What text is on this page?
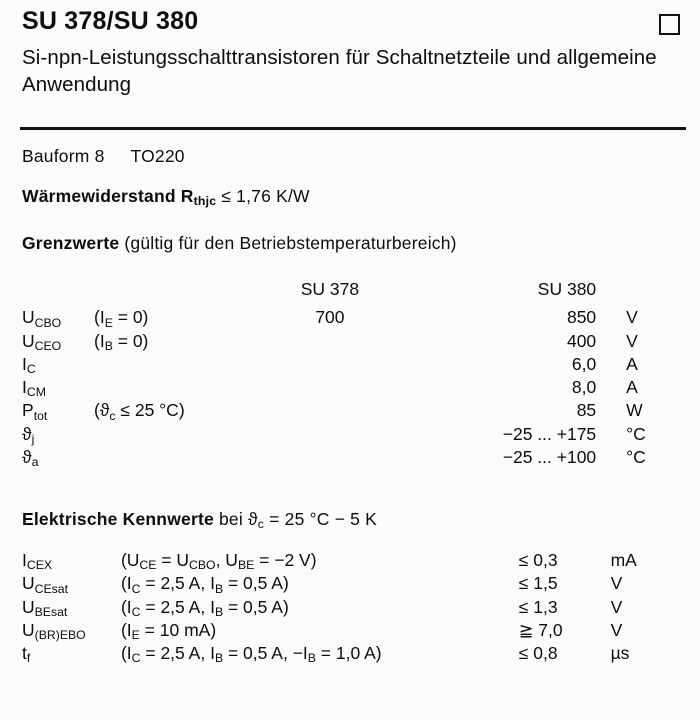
SU 378/SU 380
Si-npn-Leistungsschalttransistoren für Schaltnetzteile und allgemeine Anwendung
Bauform 8 TO220
Wärmewiderstand $R_{thjc} \le 1,76$ K/W
Grenzwerte (gültig für den Betriebstemperaturbereich)
		SU 378	SU 380	
$U_{CBO}$	$(I_E = 0)$	700	850	V
$U_{CEO}$	$(I_B = 0)$		400	V
$I_C$			6,0	A
$I_{CM}$			8,0	A
$P_{tot}$	($ϑ_c \le 25$ °C)		85	W
$ϑ_j$			−25 ... +175	°C
$ϑ_a$			−25 ... +100	°C
Elektrische Kennwerte bei $ϑ_c = 25$ °C − 5 K
$I_{CEX}$	($U_{CE} = U_{CBO}$, $U_{BE} = -2$ V)	≤ 0,3	mA
$U_{CEsat}$	($I_C = 2,5$ A, $I_B = 0,5$ A)	≤ 1,5	V
$U_{BEsat}$	($I_C = 2,5$ A, $I_B = 0,5$ A)	≤ 1,3	V
$U_{(BR)EBO}$	($I_E = 10$ mA)	≧ 7,0	V
$t_f$	($I_C = 2,5$ A, $I_B = 0,5$ A, $-I_B = 1,0$ A)	≤ 0,8	µs
